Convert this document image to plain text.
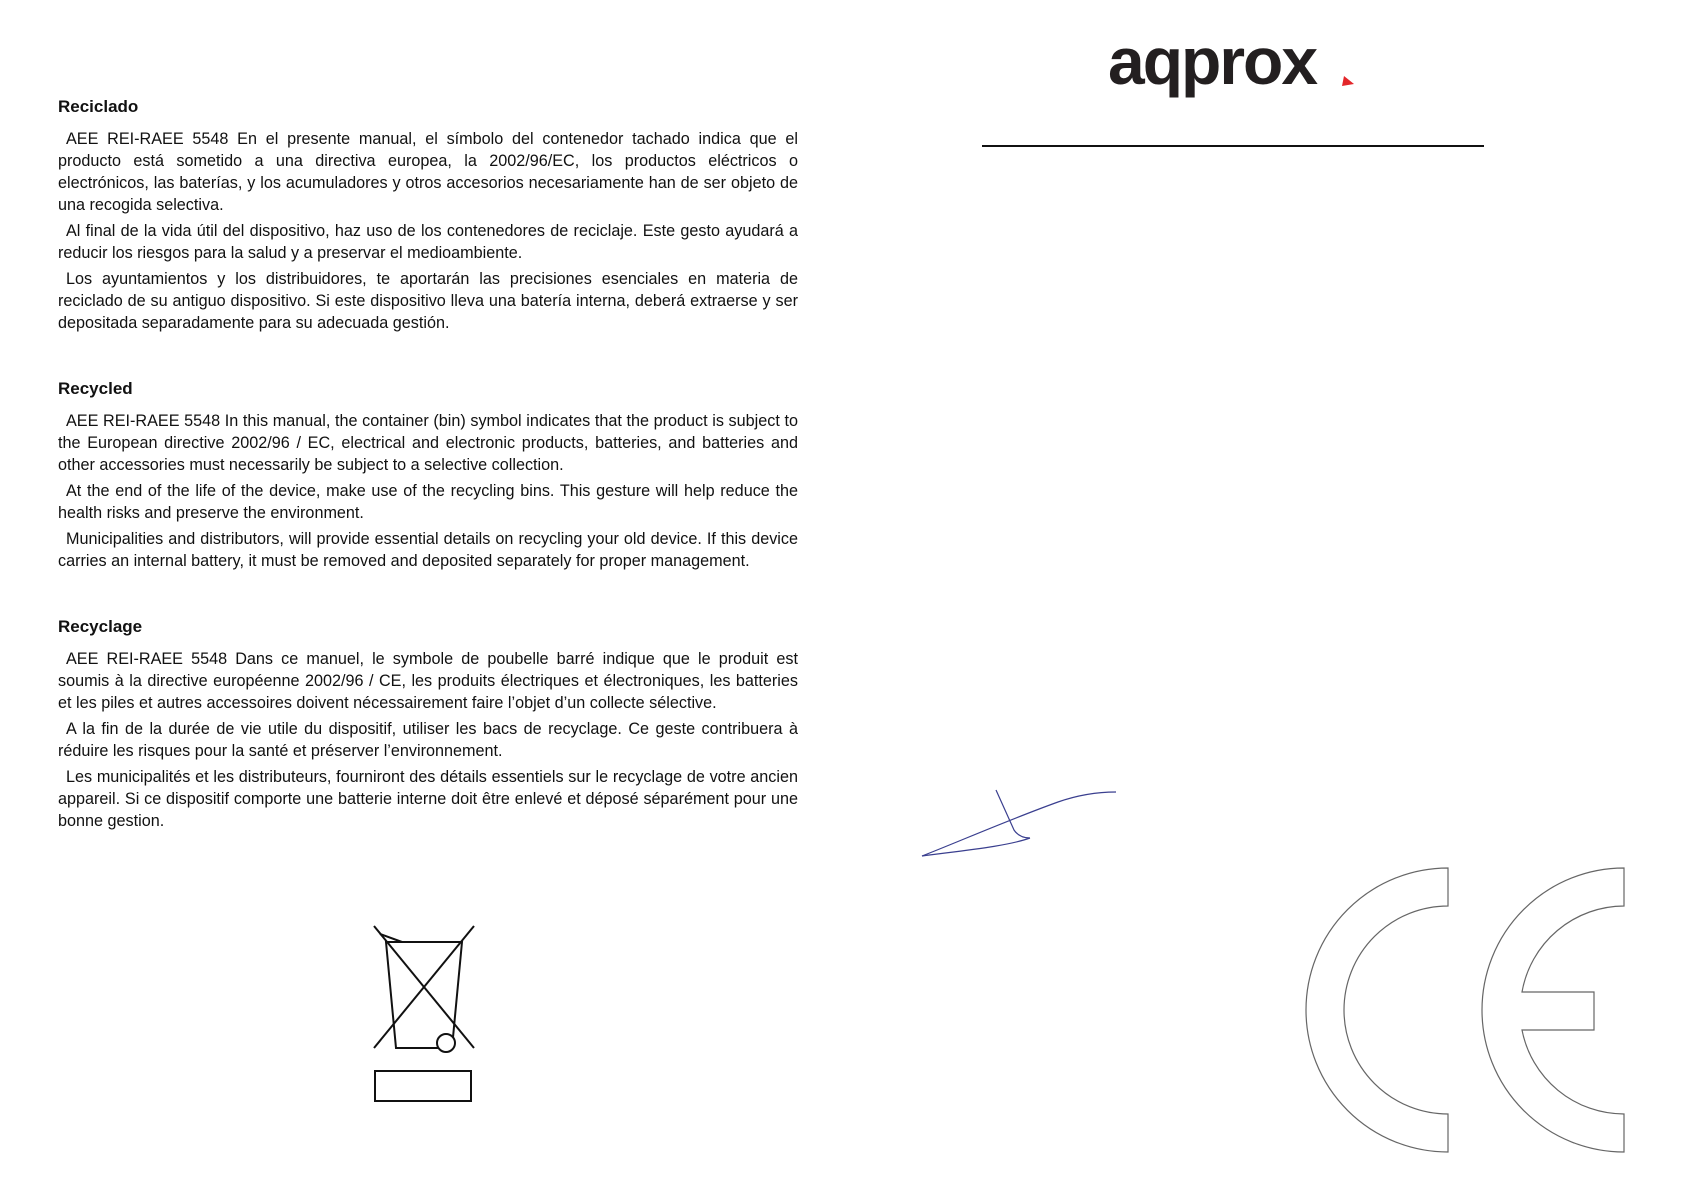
Reciclado

AEE REI-RAEE 5548 En el presente manual, el símbolo del contenedor tachado indica que el producto está sometido a una directiva europea, la 2002/96/EC, los productos eléctricos o electrónicos, las baterías, y los acumuladores y otros accesorios necesariamente han de ser objeto de una recogida selectiva.

Al final de la vida útil del dispositivo, haz uso de los contenedores de reciclaje. Este gesto ayudará a reducir los riesgos para la salud y a preservar el medioambiente.

Los ayuntamientos y los distribuidores, te aportarán las precisiones esenciales en materia de reciclado de su antiguo dispositivo. Si este dispositivo lleva una batería interna, deberá extraerse y ser depositada separadamente para su adecuada gestión.

Recycled

AEE REI-RAEE 5548 In this manual, the container (bin) symbol indicates that the product is subject to the European directive 2002/96 / EC, electrical and electronic products, batteries, and batteries and other accessories must necessarily be subject to a selective collection.

At the end of the life of the device, make use of the recycling bins. This gesture will help reduce the health risks and preserve the environment.

Municipalities and distributors, will provide essential details on recycling your old device. If this device carries an internal battery, it must be removed and deposited separately for proper management.

Recyclage

AEE REI-RAEE 5548 Dans ce manuel, le symbole de poubelle barré indique que le produit est soumis à la directive européenne 2002/96 / CE, les produits électriques et électroniques, les batteries et les piles et autres accessoires doivent nécessairement faire l’objet d’un collecte sélective.

A la fin de la durée de vie utile du dispositif, utiliser les bacs de recyclage. Ce geste contribuera à réduire les risques pour la santé et préserver l’environnement.

Les municipalités et les distributeurs, fourniront des détails essentiels sur le recyclage de votre ancien appareil. Si ce dispositif comporte une batterie interne doit être enlevé et déposé séparément pour une bonne gestion.

aqprox
